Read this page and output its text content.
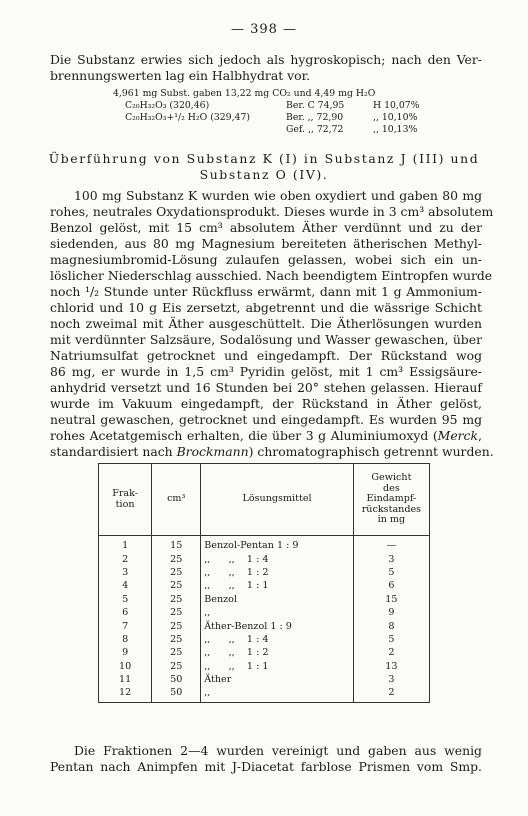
— 398 —
Die Substanz erwies sich jedoch als hygroskopisch; nach den Ver-
brennungswerten lag ein Halbhydrat vor.
4,961 mg Subst. gaben 13,22 mg CO₂ und 4,49 mg H₂O
C₂₀H₃₂O₃ (320,46)	Ber. C 74,95	H 10,07%
C₂₀H₃₂O₃+¹/₂ H₂O (329,47)	Ber. ,, 72,90	,, 10,10%
Gef. ,, 72,72	,, 10,13%
Überführung von Substanz K (I) in Substanz J (III) und
Substanz O (IV).
100 mg Substanz K wurden wie oben oxydiert und gaben 80 mg
rohes, neutrales Oxydationsprodukt. Dieses wurde in 3 cm³ absolutem
Benzol gelöst, mit 15 cm³ absolutem Äther verdünnt und zu der
siedenden, aus 80 mg Magnesium bereiteten ätherischen Methyl-
magnesiumbromid-Lösung zulaufen gelassen, wobei sich ein un-
löslicher Niederschlag ausschied. Nach beendigtem Eintropfen wurde
noch ¹/₂ Stunde unter Rückfluss erwärmt, dann mit 1 g Ammonium-
chlorid und 10 g Eis zersetzt, abgetrennt und die wässrige Schicht
noch zweimal mit Äther ausgeschüttelt. Die Ätherlösungen wurden
mit verdünnter Salzsäure, Sodalösung und Wasser gewaschen, über
Natriumsulfat getrocknet und eingedampft. Der Rückstand wog
86 mg, er wurde in 1,5 cm³ Pyridin gelöst, mit 1 cm³ Essigsäure-
anhydrid versetzt und 16 Stunden bei 20° stehen gelassen. Hierauf
wurde im Vakuum eingedampft, der Rückstand in Äther gelöst,
neutral gewaschen, getrocknet und eingedampft. Es wurden 95 mg
rohes Acetatgemisch erhalten, die über 3 g Aluminiumoxyd (Merck,
standardisiert nach Brockmann) chromatographisch getrennt wurden.
Frak-
tion	cm³	Lösungsmittel	Gewicht
des
Eindampf-
rückstandes
in mg
1	15	Benzol-Pentan 1 : 9	—
2	25	,,      ,,    1 : 4	3
3	25	,,      ,,    1 : 2	5
4	25	,,      ,,    1 : 1	6
5	25	Benzol	15
6	25	,,	9
7	25	Äther-Benzol 1 : 9	8
8	25	,,      ,,    1 : 4	5
9	25	,,      ,,    1 : 2	2
10	25	,,      ,,    1 : 1	13
11	50	Äther	3
12	50	,,	2
Die Fraktionen 2—4 wurden vereinigt und gaben aus wenig
Pentan nach Animpfen mit J-Diacetat farblose Prismen vom Smp.
